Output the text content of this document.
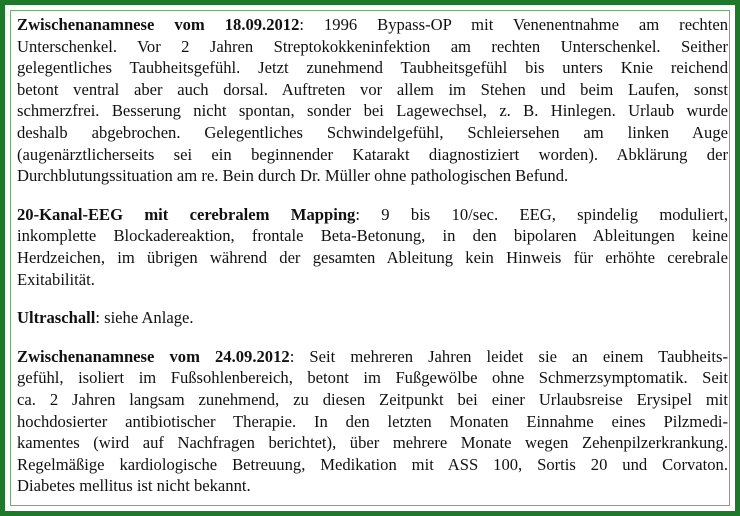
Zwischenanamnese vom 18.09.2012: 1996 Bypass-OP mit Venenentnahme am rechten
Unterschenkel. Vor 2 Jahren Streptokokkeninfektion am rechten Unterschenkel. Seither
gelegentliches Taubheitsgefühl. Jetzt zunehmend Taubheitsgefühl bis unters Knie reichend
betont ventral aber auch dorsal. Auftreten vor allem im Stehen und beim Laufen, sonst
schmerzfrei. Besserung nicht spontan, sonder bei Lagewechsel, z. B. Hinlegen. Urlaub wurde
deshalb abgebrochen. Gelegentliches Schwindelgefühl, Schleiersehen am linken Auge
(augenärztlicherseits sei ein beginnender Katarakt diagnostiziert worden). Abklärung der
Durchblutungssituation am re. Bein durch Dr. Müller ohne pathologischen Befund.
20-Kanal-EEG mit cerebralem Mapping: 9 bis 10/sec. EEG, spindelig moduliert,
inkomplette Blockadereaktion, frontale Beta-Betonung, in den bipolaren Ableitungen keine
Herdzeichen, im übrigen während der gesamten Ableitung kein Hinweis für erhöhte cerebrale
Exitabilität.
Ultraschall: siehe Anlage.
Zwischenanamnese vom 24.09.2012: Seit mehreren Jahren leidet sie an einem Taubheits-
gefühl, isoliert im Fußsohlenbereich, betont im Fußgewölbe ohne Schmerzsymptomatik. Seit
ca. 2 Jahren langsam zunehmend, zu diesen Zeitpunkt bei einer Urlaubsreise Erysipel mit
hochdosierter antibiotischer Therapie. In den letzten Monaten Einnahme eines Pilzmedi-
kamentes (wird auf Nachfragen berichtet), über mehrere Monate wegen Zehenpilzerkrankung.
Regelmäßige kardiologische Betreuung, Medikation mit ASS 100, Sortis 20 und Corvaton.
Diabetes mellitus ist nicht bekannt.
